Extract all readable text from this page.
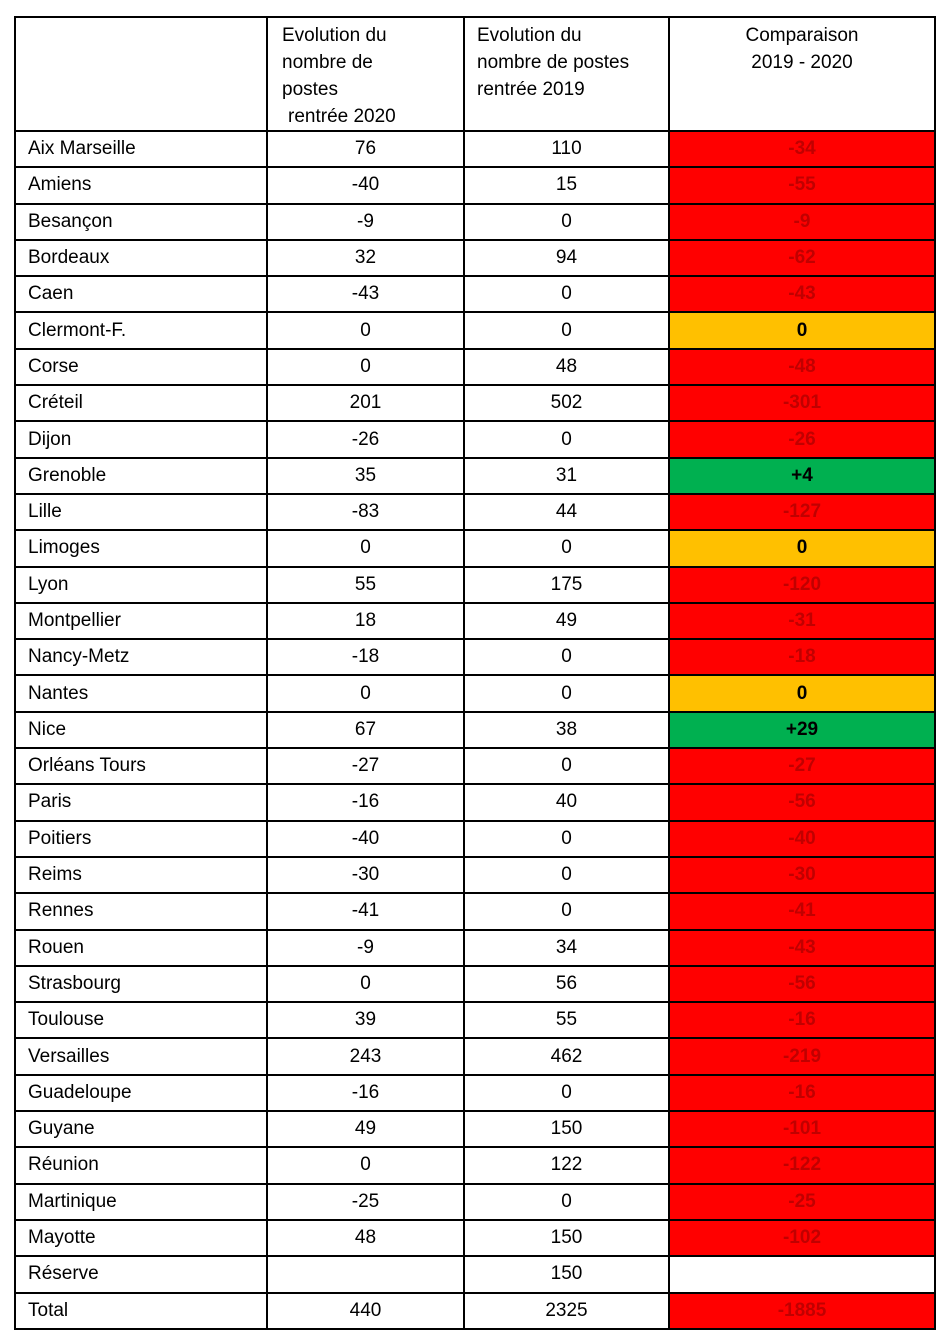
	Evolution du
nombre de
postes
rentrée 2020	Evolution du
nombre de postes
rentrée 2019	Comparaison
2019 - 2020

Aix Marseille	76	110	-34
Amiens	-40	15	-55
Besançon	-9	0	-9
Bordeaux	32	94	-62
Caen	-43	0	-43
Clermont-F.	0	0	0
Corse	0	48	-48
Créteil	201	502	-301
Dijon	-26	0	-26
Grenoble	35	31	+4
Lille	-83	44	-127
Limoges	0	0	0
Lyon	55	175	-120
Montpellier	18	49	-31
Nancy-Metz	-18	0	-18
Nantes	0	0	0
Nice	67	38	+29
Orléans Tours	-27	0	-27
Paris	-16	40	-56
Poitiers	-40	0	-40
Reims	-30	0	-30
Rennes	-41	0	-41
Rouen	-9	34	-43
Strasbourg	0	56	-56
Toulouse	39	55	-16
Versailles	243	462	-219
Guadeloupe	-16	0	-16
Guyane	49	150	-101
Réunion	0	122	-122
Martinique	-25	0	-25
Mayotte	48	150	-102
Réserve		150	
Total	440	2325	-1885
